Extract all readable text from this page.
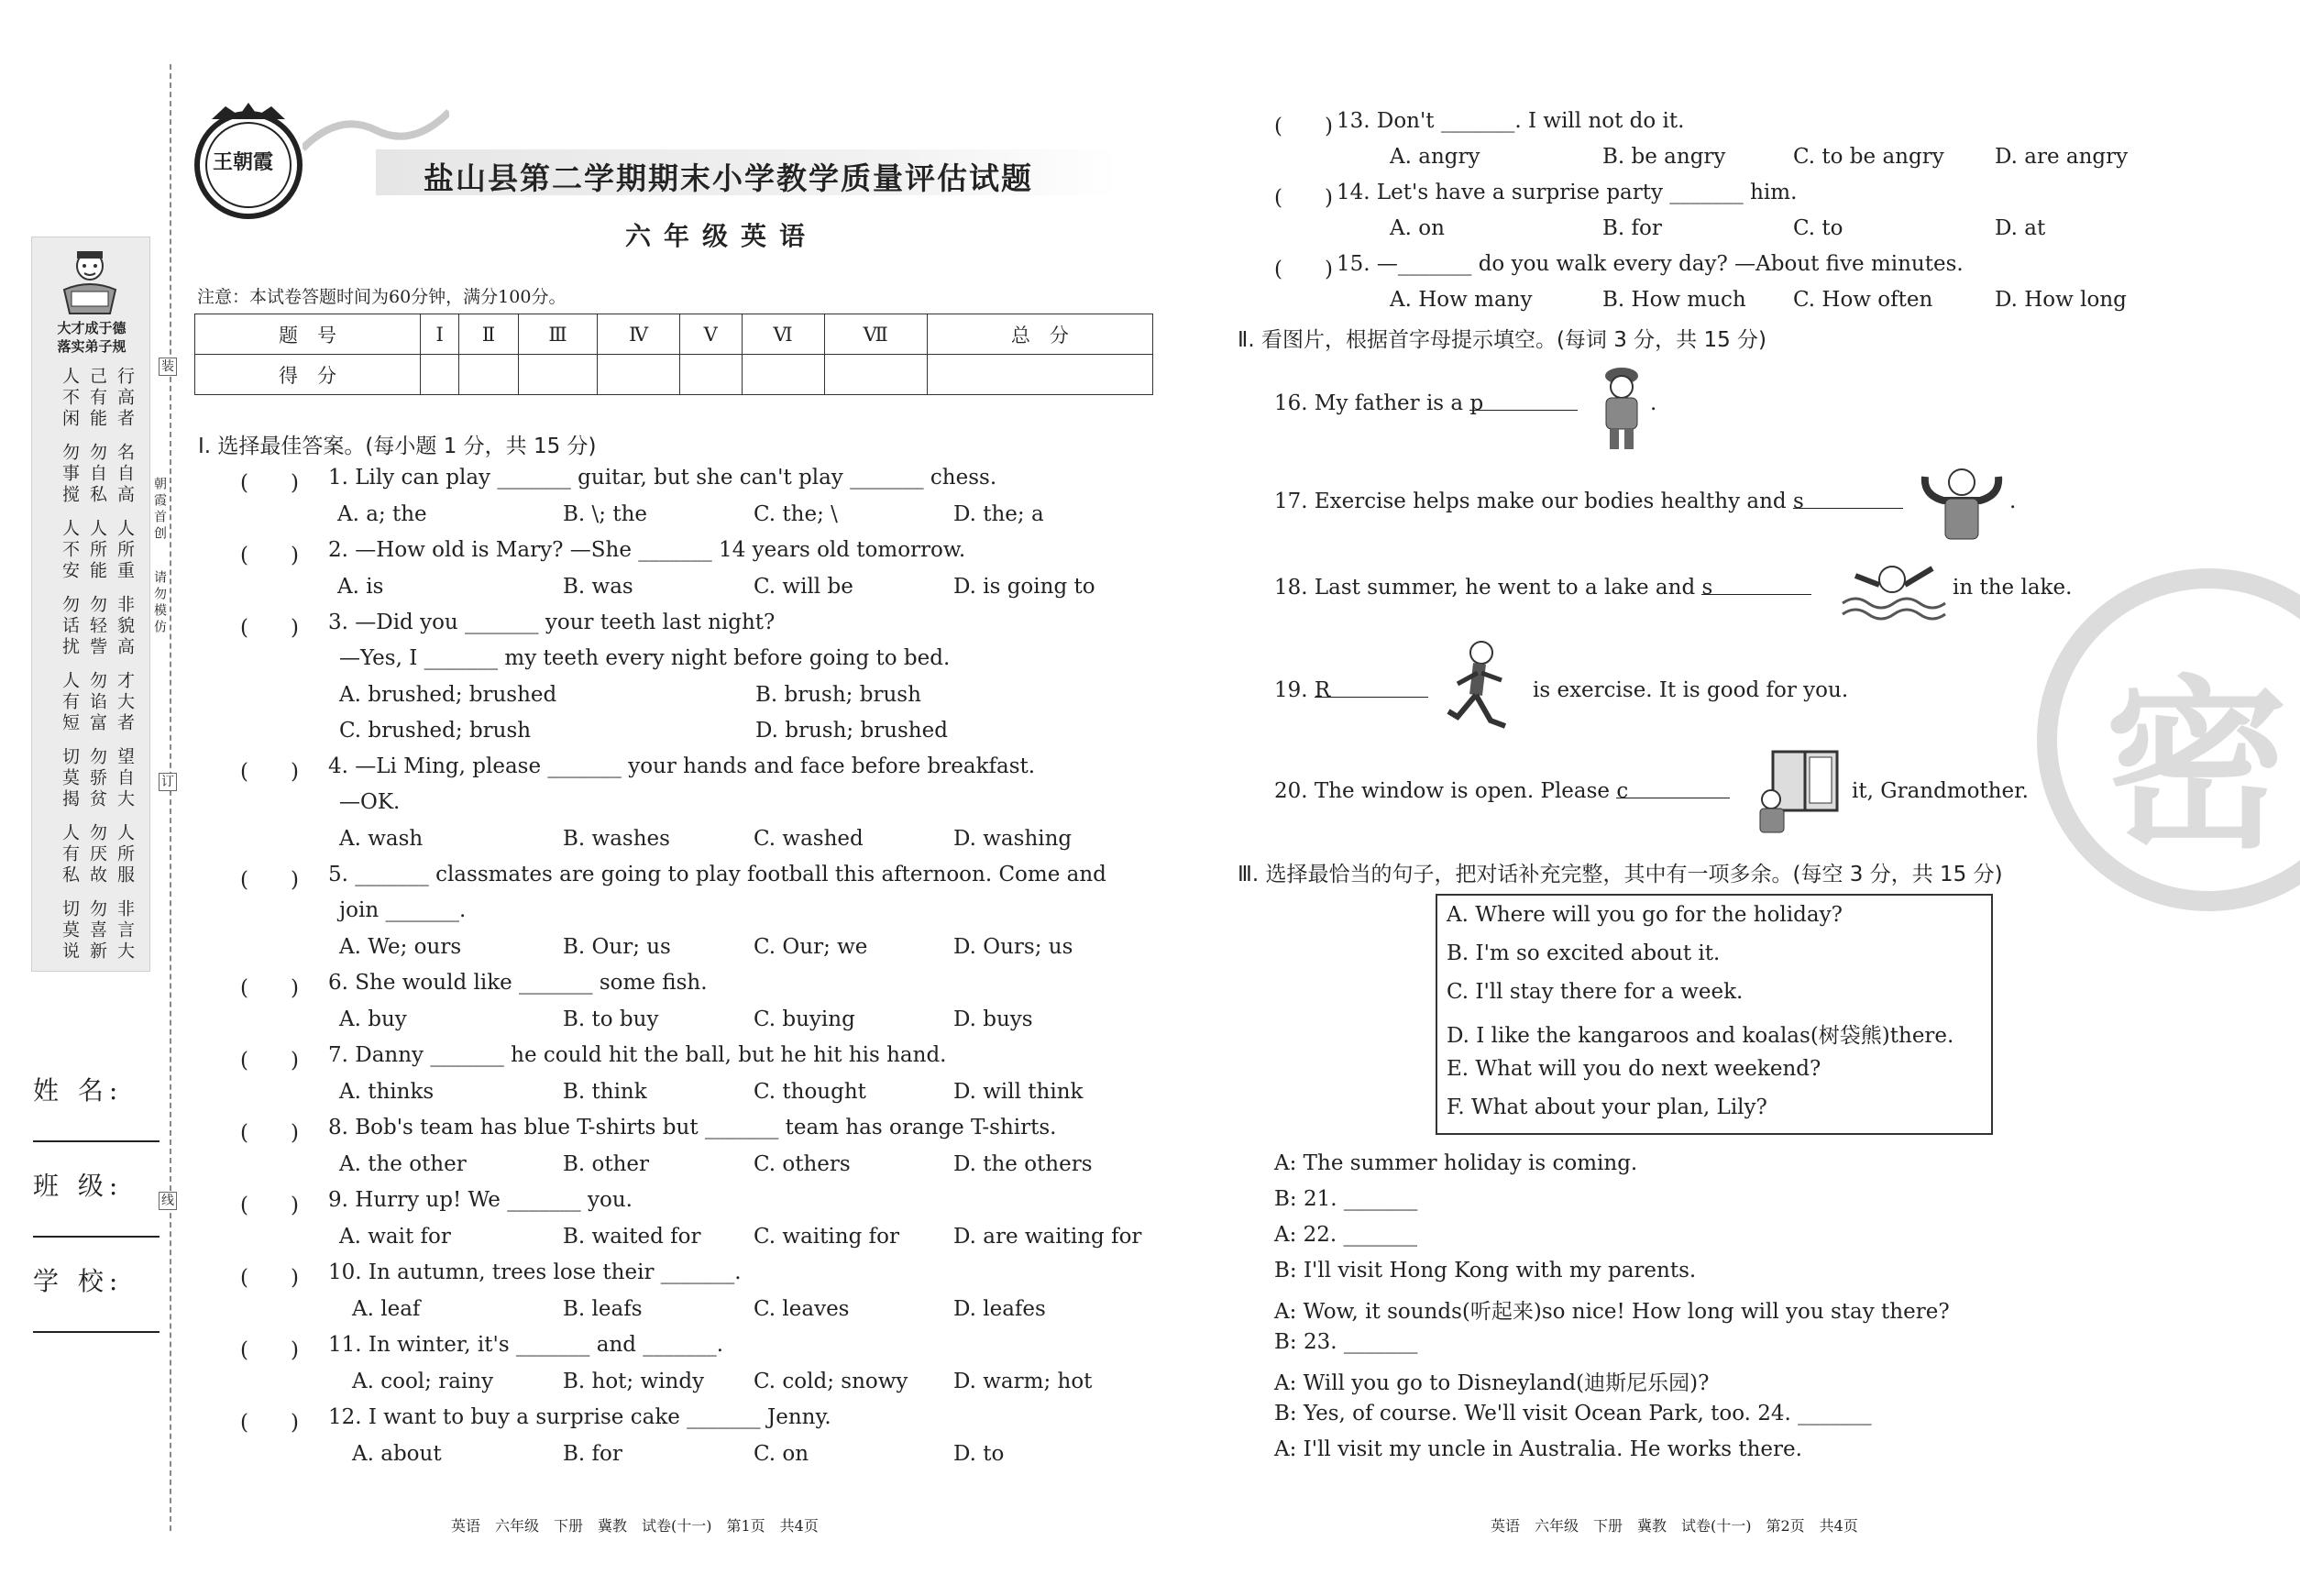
大才成于德
落实弟子规
人不闲 己有能 行高者
勿事搅 勿自私 名自高
人不安 人所能 人所重
勿话扰 勿轻訾 非貌高
人有短 勿谄富 才大者
切莫揭 勿骄贫 望自大
人有私 勿厌故 人所服
切莫说 勿喜新 非言大
装
朝霞首创
请勿模仿
订
线
姓 名:
班 级:
学 校:
王朝霞	盐山县第二学期期末小学教学质量评估试题
六年级英语
注意：本试卷答题时间为60分钟，满分100分。
题　号	Ⅰ	Ⅱ	Ⅲ	Ⅳ	Ⅴ	Ⅵ	Ⅶ	总　分
得　分								
Ⅰ. 选择最佳答案。(每小题 1 分，共 15 分)
(　　) 1. Lily can play _______ guitar, but she can't play _______ chess.
A. a; the	B. \; the	C. the; \	D. the; a
(　　) 2. —How old is Mary? —She _______ 14 years old tomorrow.
A. is	B. was	C. will be	D. is going to
(　　) 3. —Did you _______ your teeth last night?
—Yes, I _______ my teeth every night before going to bed.
A. brushed; brushed	B. brush; brush
C. brushed; brush	D. brush; brushed
(　　) 4. —Li Ming, please _______ your hands and face before breakfast.
—OK.
A. wash	B. washes	C. washed	D. washing
(　　) 5. _______ classmates are going to play football this afternoon. Come and
join _______.
A. We; ours	B. Our; us	C. Our; we	D. Ours; us
(　　) 6. She would like _______ some fish.
A. buy	B. to buy	C. buying	D. buys
(　　) 7. Danny _______ he could hit the ball, but he hit his hand.
A. thinks	B. think	C. thought	D. will think
(　　) 8. Bob's team has blue T-shirts but _______ team has orange T-shirts.
A. the other	B. other	C. others	D. the others
(　　) 9. Hurry up! We _______ you.
A. wait for	B. waited for C. waiting for	D. are waiting for
(　　) 10. In autumn, trees lose their _______.
A. leaf	B. leafs	C. leaves	D. leafes
(　　) 11. In winter, it's _______ and _______.
A. cool; rainy	B. hot; windy C. cold; snowy D. warm; hot
(　　) 12. I want to buy a surprise cake _______ Jenny.
A. about	B. for	C. on	D. to
英语　六年级　下册　冀教　试卷(十一)　第1页　共4页
(　　) 13. Don't _______. I will not do it.
A. angry	B. be angry	C. to be angry D. are angry
(　　) 14. Let's have a surprise party _______ him.
A. on	B. for	C. to	D. at
(　　) 15. —_______ do you walk every day? —About five minutes.
A. How many	B. How much C. How often	D. How long
Ⅱ. 看图片，根据首字母提示填空。(每词 3 分，共 15 分)
16. My father is a p	.
17. Exercise helps make our bodies healthy and s	.
18. Last summer, he went to a lake and s	in the lake.
19. R	is exercise. It is good for you.
20. The window is open. Please c	it, Grandmother.
Ⅲ. 选择最恰当的句子，把对话补充完整，其中有一项多余。(每空 3 分，共 15 分)
A. Where will you go for the holiday?
B. I'm so excited about it.
C. I'll stay there for a week.
D. I like the kangaroos and koalas(树袋熊)there.
E. What will you do next weekend?
F. What about your plan, Lily?
A: The summer holiday is coming.
B: 21. _______
A: 22. _______
B: I'll visit Hong Kong with my parents.
A: Wow, it sounds(听起来)so nice! How long will you stay there?
B: 23. _______
A: Will you go to Disneyland(迪斯尼乐园)?
B: Yes, of course. We'll visit Ocean Park, too. 24. _______
A: I'll visit my uncle in Australia. He works there.
英语　六年级　下册　冀教　试卷(十一)　第2页　共4页
密
